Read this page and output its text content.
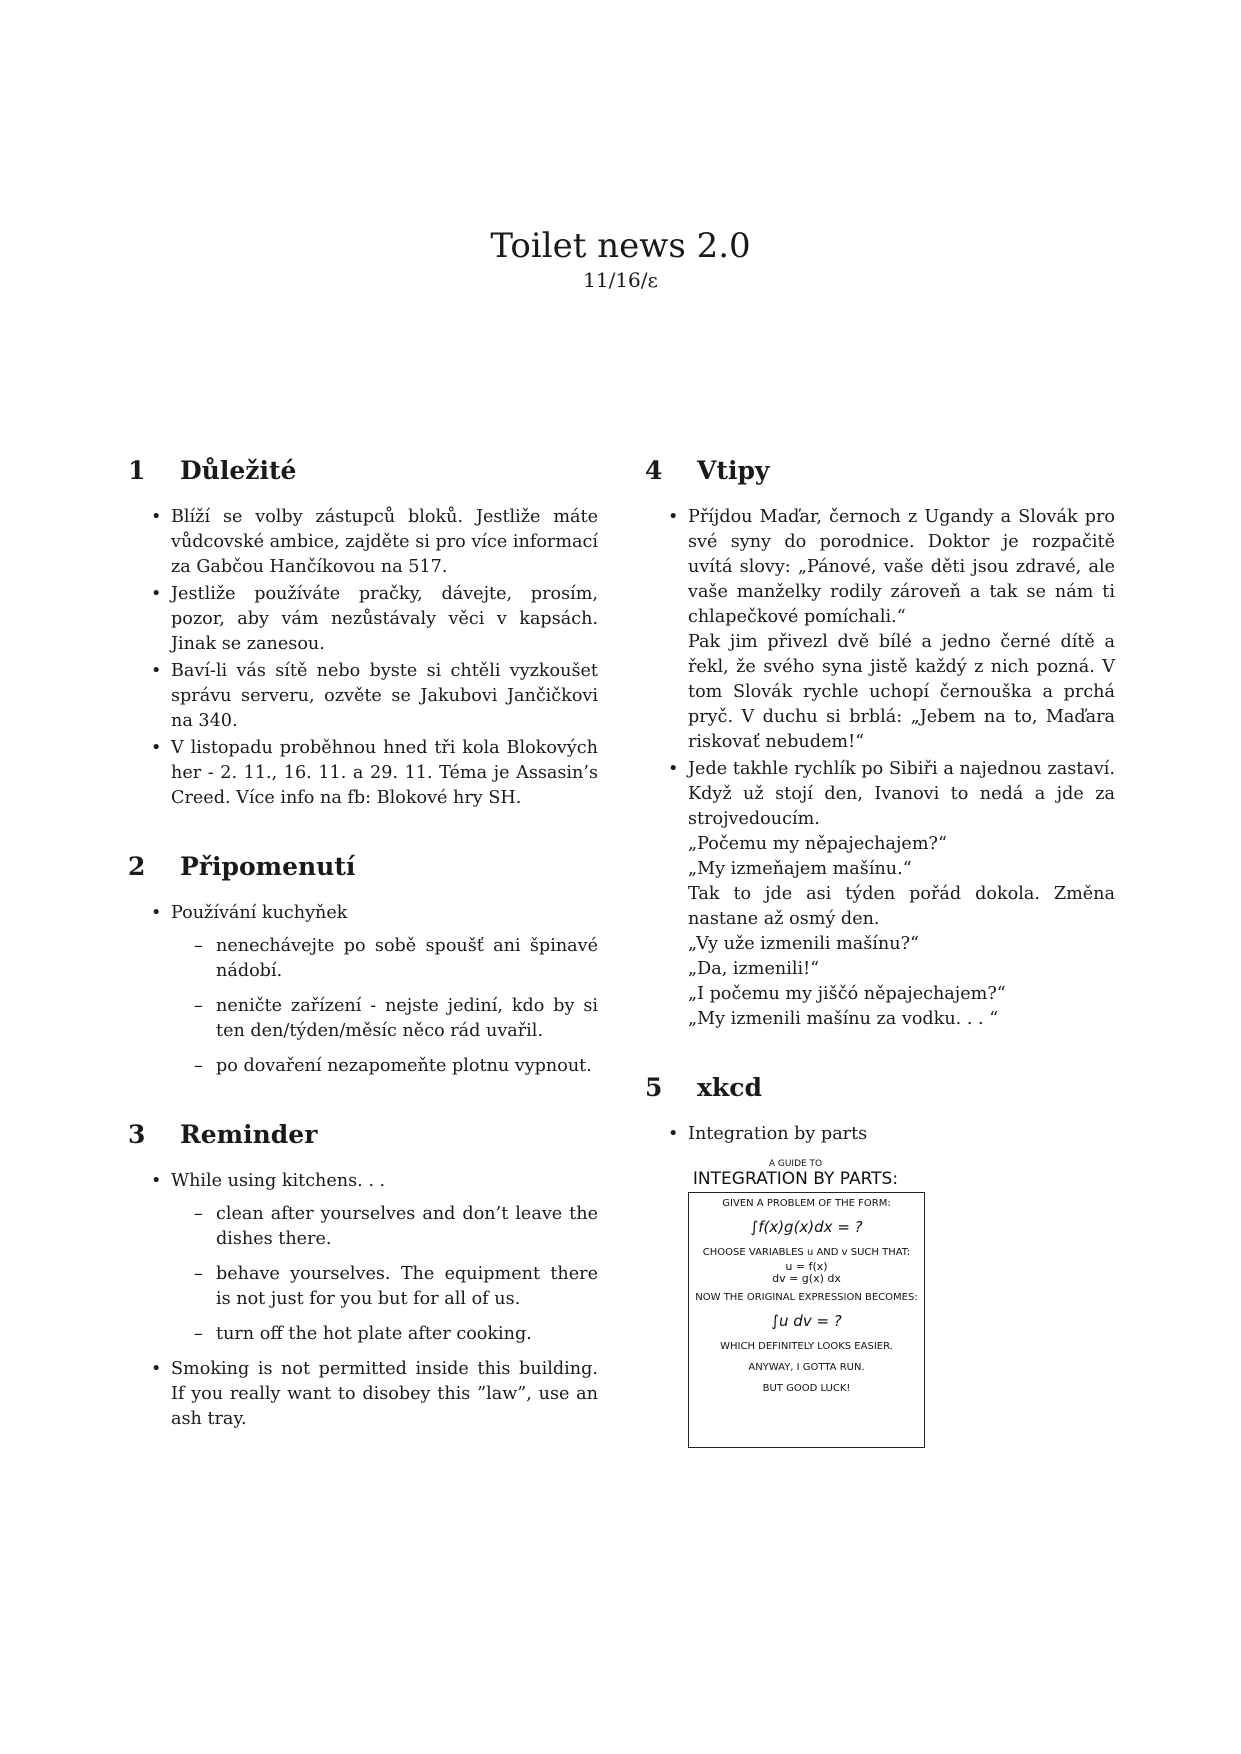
Toilet news 2.0
11/16/ε
1	Důležité
• Blíží se volby zástupců bloků. Jestliže máte vůdcovské ambice, zajděte si pro více informací za Gabčou Hančíkovou na 517.
• Jestliže používáte pračky, dávejte, prosím, pozor, aby vám nezůstávaly věci v kapsách. Jinak se zanesou.
• Baví-li vás sítě nebo byste si chtěli vyzkoušet správu serveru, ozvěte se Jakubovi Jančičkovi na 340.
• V listopadu proběhnou hned tři kola Blokových her - 2. 11., 16. 11. a 29. 11. Téma je Assasin’s Creed. Více info na fb: Blokové hry SH.
2	Připomenutí
• Používání kuchyňek
– nenechávejte po sobě spoušť ani špinavé nádobí.
– neničte zařízení - nejste jediní, kdo by si ten den/týden/měsíc něco rád uvařil.
– po dovaření nezapomeňte plotnu vypnout.
3	Reminder
• While using kitchens. . .
– clean after yourselves and don’t leave the dishes there.
– behave yourselves. The equipment there is not just for you but for all of us.
– turn off the hot plate after cooking.
• Smoking is not permitted inside this building. If you really want to disobey this ”law”, use an ash tray.
4	Vtipy
• Příjdou Maďar, černoch z Ugandy a Slovák pro své syny do porodnice. Doktor je rozpačitě uvítá slovy: „Pánové, vaše děti jsou zdravé, ale vaše manželky rodily zároveň a tak se nám ti chlapečkové pomíchali.“
Pak jim přivezl dvě bílé a jedno černé dítě a řekl, že svého syna jistě každý z nich pozná. V tom Slovák rychle uchopí černouška a prchá pryč. V duchu si brblá: „Jebem na to, Maďara riskovať nebudem!“
• Jede takhle rychlík po Sibiři a najednou zastaví. Když už stojí den, Ivanovi to nedá a jde za strojvedoucím.
„Počemu my něpajechajem?“
„My izmeňajem mašínu.“
Tak to jde asi týden pořád dokola. Změna nastane až osmý den.
„Vy uže izmenili mašínu?“
„Da, izmenili!“
„I počemu my jiščó něpajechajem?“
„My izmenili mašínu za vodku. . . “
5	xkcd
• Integration by parts
A GUIDE TO
INTEGRATION BY PARTS:
GIVEN A PROBLEM OF THE FORM:
∫f(x)g(x)dx = ?
CHOOSE VARIABLES u AND v SUCH THAT:
u = f(x)
dv = g(x) dx
NOW THE ORIGINAL EXPRESSION BECOMES:
∫u dv = ?
WHICH DEFINITELY LOOKS EASIER.
ANYWAY, I GOTTA RUN.
BUT GOOD LUCK!
